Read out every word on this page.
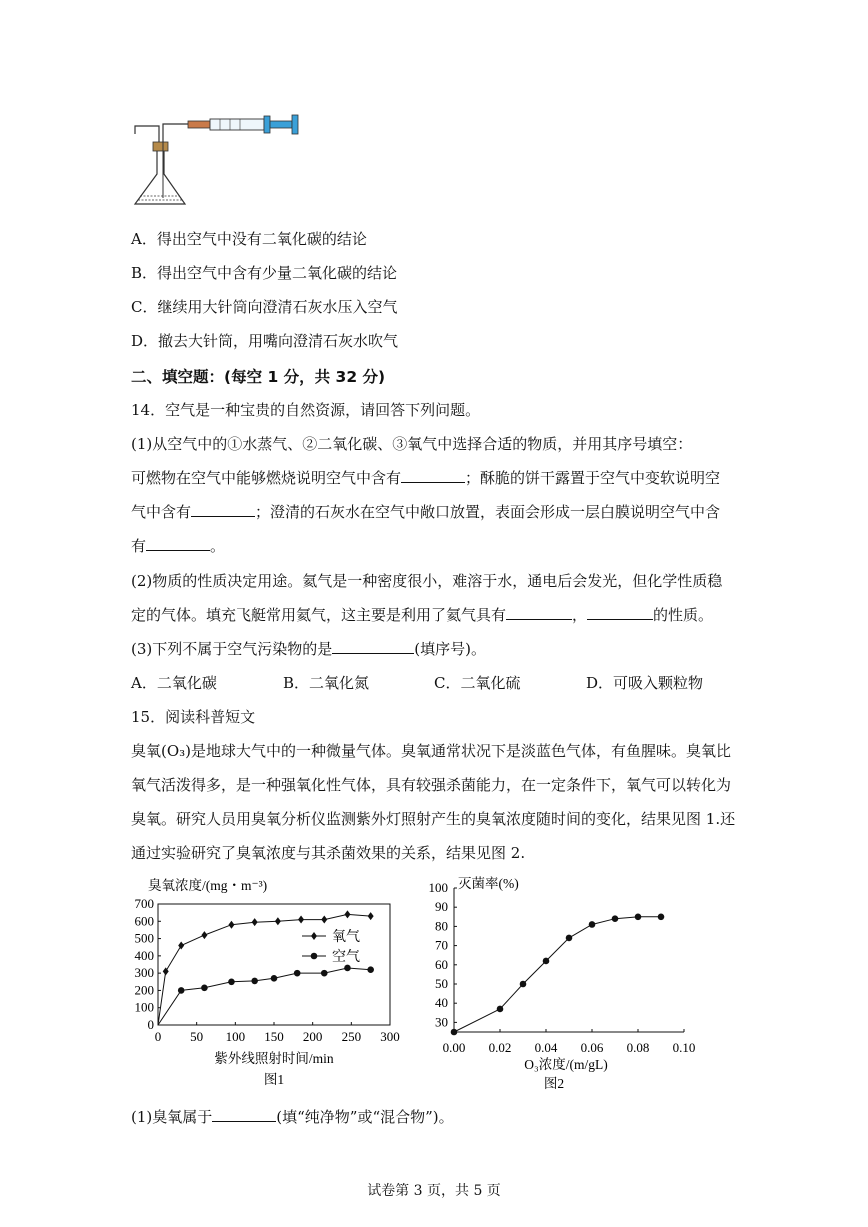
A．得出空气中没有二氧化碳的结论
B．得出空气中含有少量二氧化碳的结论
C．继续用大针筒向澄清石灰水压入空气
D．撤去大针筒，用嘴向澄清石灰水吹气
二、填空题：(每空 1 分，共 32 分)
14．空气是一种宝贵的自然资源，请回答下列问题。
(1)从空气中的①水蒸气、②二氧化碳、③氧气中选择合适的物质，并用其序号填空：
可燃物在空气中能够燃烧说明空气中含有	；酥脆的饼干露置于空气中变软说明空
气中含有	；澄清的石灰水在空气中敞口放置，表面会形成一层白膜说明空气中含
有	。
(2)物质的性质决定用途。氦气是一种密度很小，难溶于水，通电后会发光，但化学性质稳
定的气体。填充飞艇常用氦气，这主要是利用了氦气具有	，	的性质。
(3)下列不属于空气污染物的是	(填序号)。
A．二氧化碳	B．二氧化氮	C．二氧化硫	D．可吸入颗粒物
15．阅读科普短文
臭氧(O₃)是地球大气中的一种微量气体。臭氧通常状况下是淡蓝色气体，有鱼腥味。臭氧比
氧气活泼得多，是一种强氧化性气体，具有较强杀菌能力，在一定条件下，氧气可以转化为
臭氧。研究人员用臭氧分析仪监测紫外灯照射产生的臭氧浓度随时间的变化，结果见图 1.还
通过实验研究了臭氧浓度与其杀菌效果的关系，结果见图 2.
0
100
200
300
400
500
600
700
0 50 100 150 200 250 300
臭氧浓度/(mg・m⁻³)
紫外线照射时间/min
图1
氧气
空气
30
40
50
60
70
80
90
100
0.00 0.02 0.04 0.06 0.08 0.10
灭菌率(%)
O₃浓度/(m/gL)
图2
(1)臭氧属于	(填“纯净物”或“混合物”)。
试卷第 3 页，共 5 页
